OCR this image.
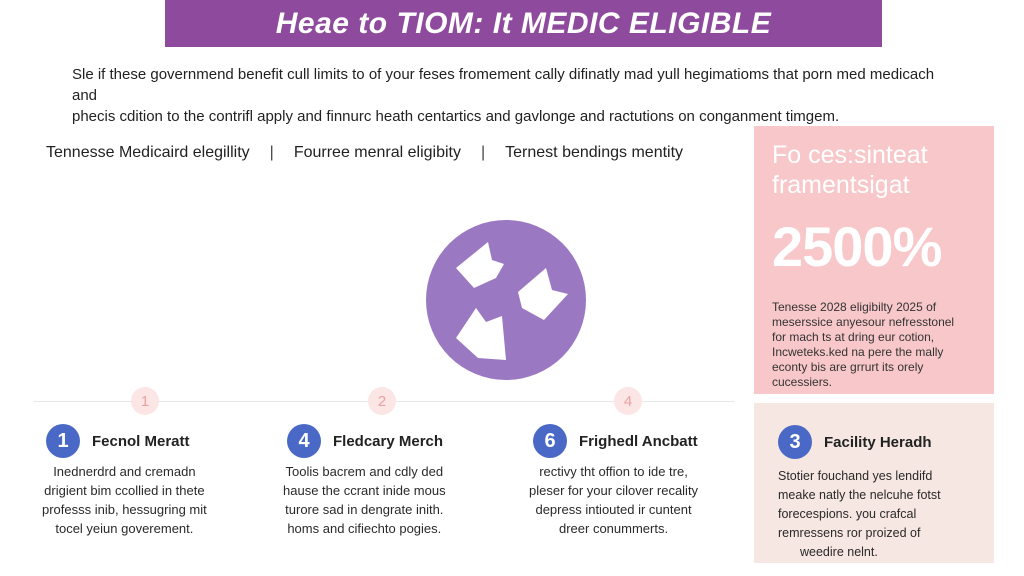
Heae to TIOM: It MEDIC ELIGIBLE
Sle if these governmend benefit cull limits to of your feses fromement cally difinatly mad yull hegimatioms that porn med medicach and
phecis cdition to the contrifl apply and finnurc heath centartics and gavlonge and ractutions on conganment timgem.
Tennesse Medicaird elegillity | Fourree menral eligibity | Ternest bendings mentity
1	2	4
1	Fecnol Meratt
Inednerdrd and cremadn
drigient bim ccollied in thete
professs inib, hessugring mit
tocel yeiun goverement.
4	Fledcary Merch
Toolis bacrem and cdly ded
hause the ccrant inide mous
turore sad in dengrate inith.
homs and cifiechto pogies.
6	Frighedl Ancbatt
rectivy tht offion to ide tre,
pleser for your cilover recality
depress intiouted ir cuntent
dreer conummerts.
Fo ces:sinteat
framentsigat
2500%
Tenesse 2028 eligibilty 2025 of
meserssice anyesour nefresstonel
for mach ts at dring eur cotion,
Incweteks.ked na pere the mally
econty bis are grrurt its orely
cucessiers.
3	Facility Heradh
Stotier fouchand yes lendifd
meake natly the nelcuhe fotst
forecespions. you crafcal
remressens ror proized of
weedire nelnt.
